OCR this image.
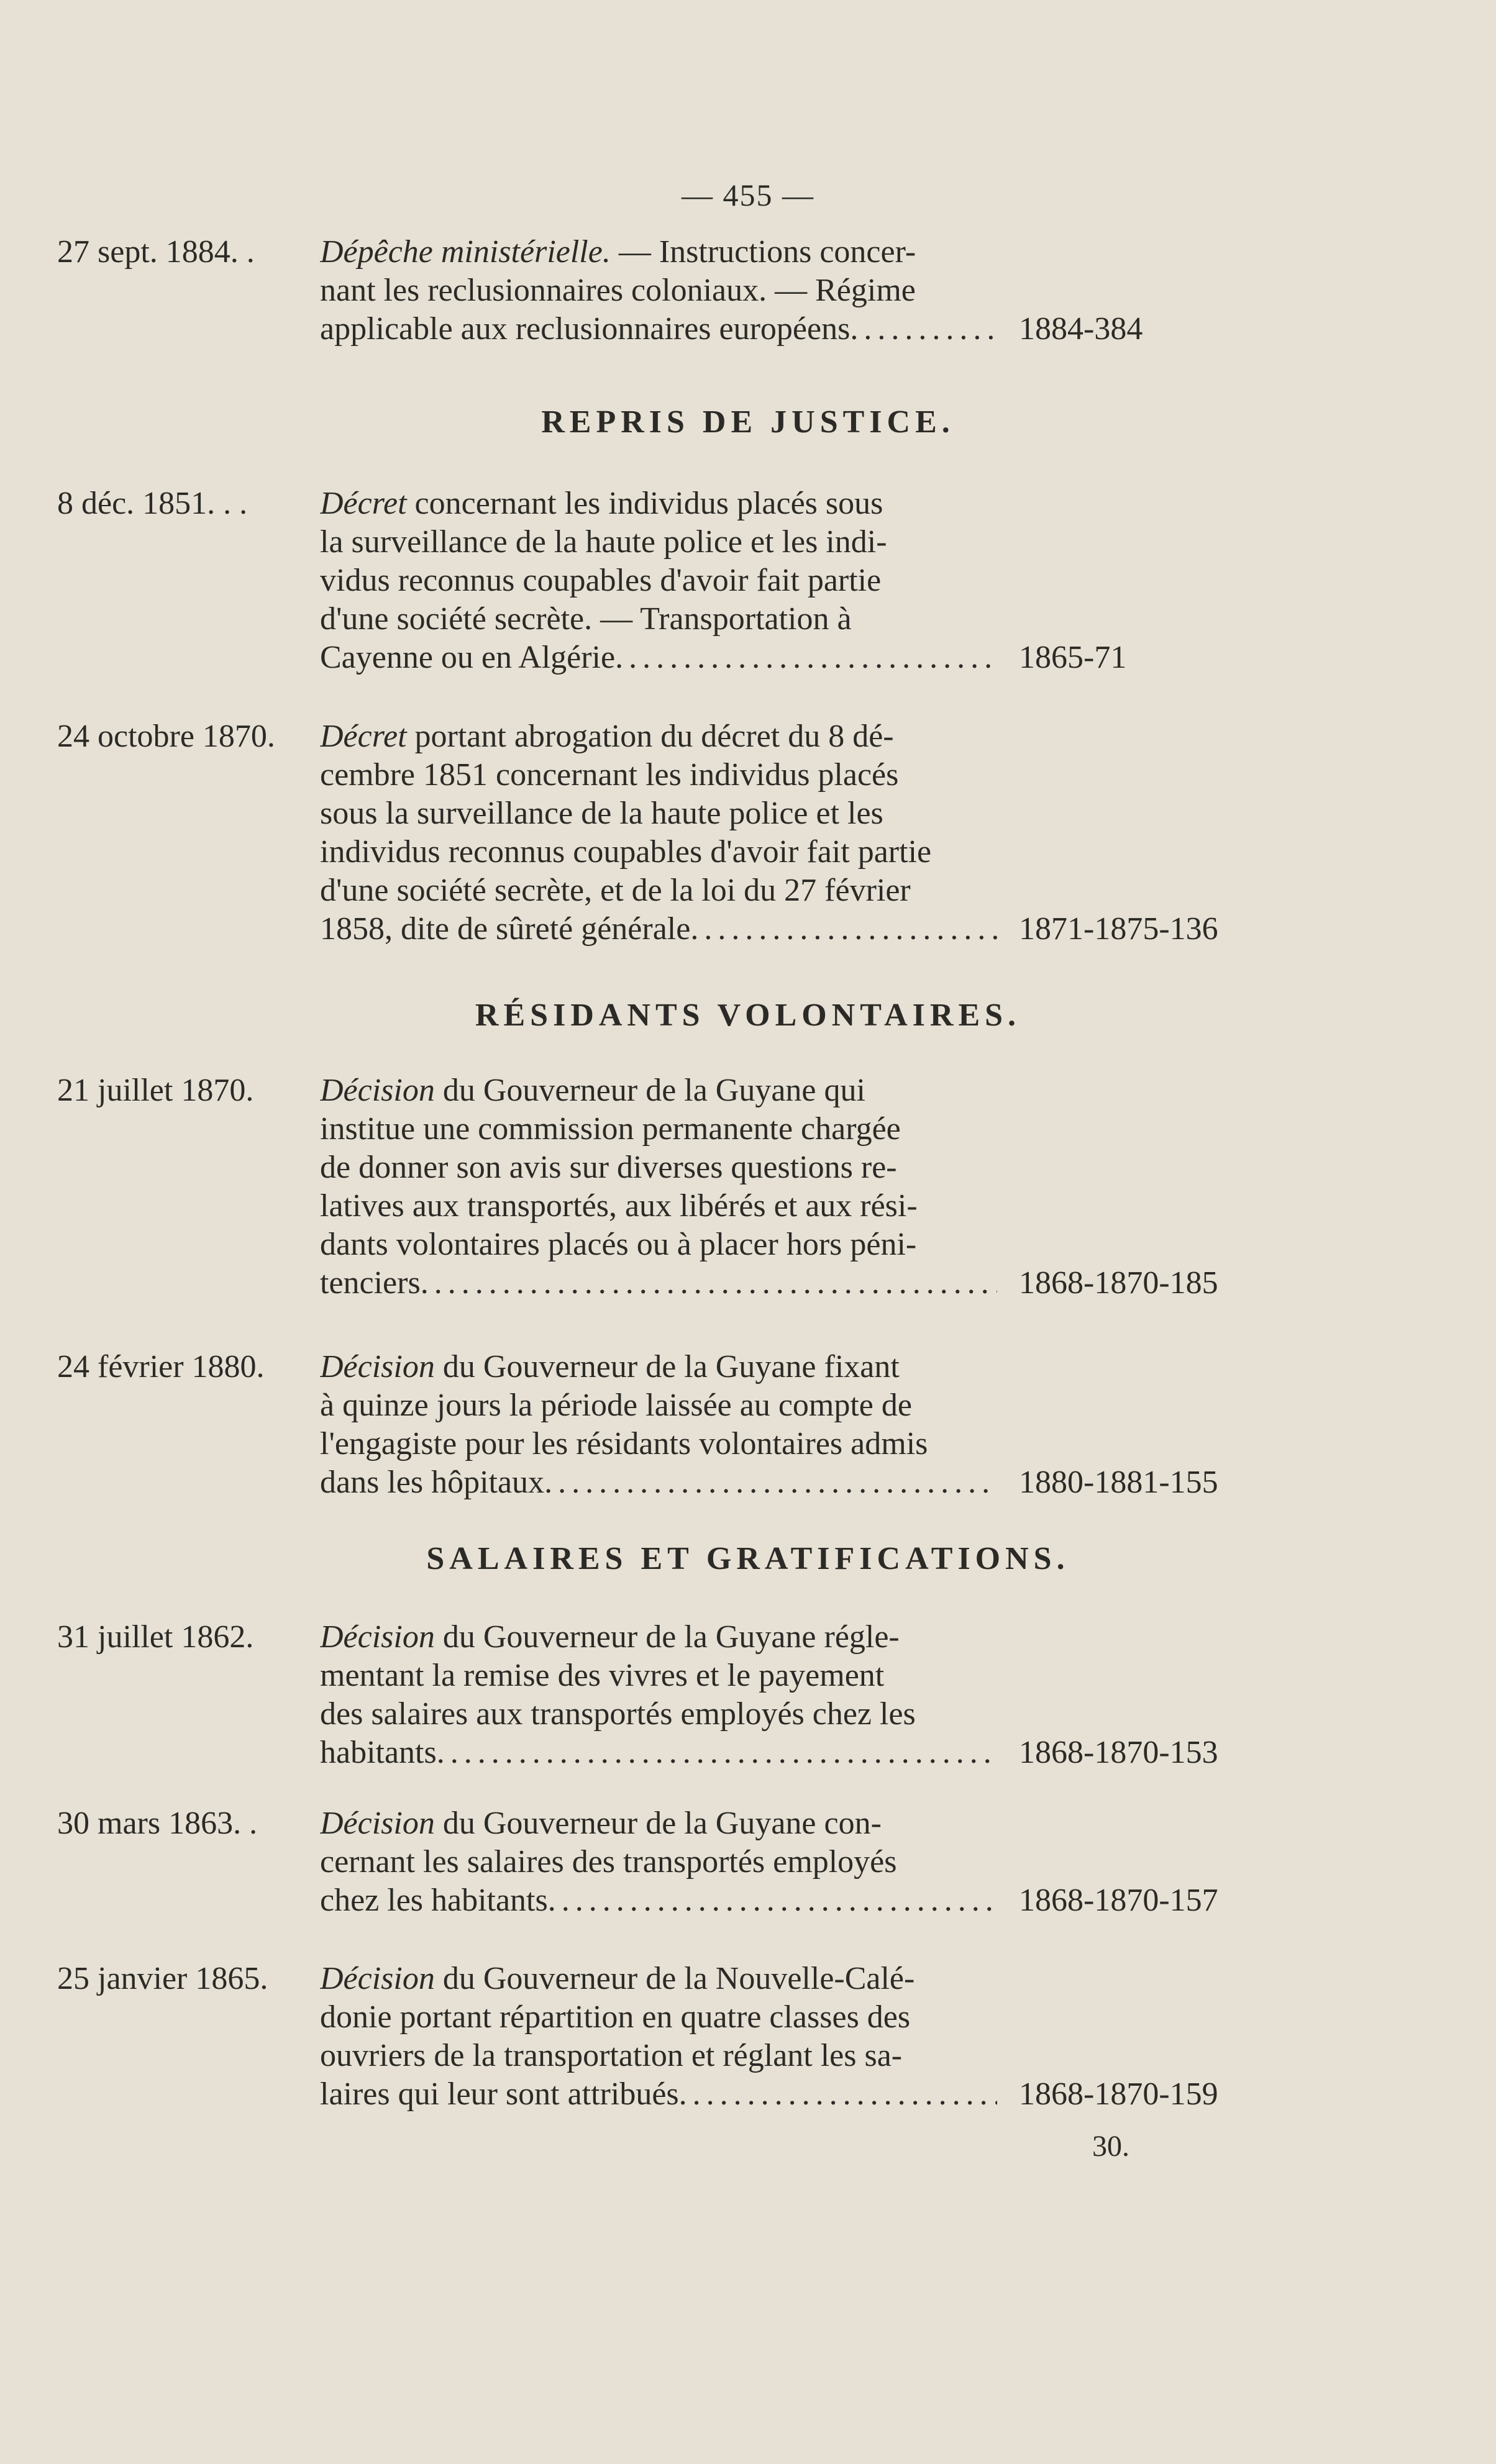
— 455 —
27 sept. 1884. . Dépêche ministérielle. — Instructions concer-
nant les reclusionnaires coloniaux. — Régime
applicable aux reclusionnaires européens .....	1884-384
REPRIS DE JUSTICE.
8 déc. 1851. . . Décret concernant les individus placés sous
la surveillance de la haute police et les indi-
vidus reconnus coupables d'avoir fait partie
d'une société secrète. — Transportation à
Cayenne ou en Algérie .....	1865-71
24 octobre 1870. Décret portant abrogation du décret du 8 dé-
cembre 1851 concernant les individus placés
sous la surveillance de la haute police et les
individus reconnus coupables d'avoir fait partie
d'une société secrète, et de la loi du 27 février
1858, dite de sûreté générale .....	1871-1875-136
RÉSIDANTS VOLONTAIRES.
21 juillet 1870. Décision du Gouverneur de la Guyane qui
institue une commission permanente chargée
de donner son avis sur diverses questions re-
latives aux transportés, aux libérés et aux rési-
dants volontaires placés ou à placer hors péni-
tenciers .....	1868-1870-185
24 février 1880. Décision du Gouverneur de la Guyane fixant
à quinze jours la période laissée au compte de
l'engagiste pour les résidants volontaires admis
dans les hôpitaux .....	1880-1881-155
SALAIRES ET GRATIFICATIONS.
31 juillet 1862. Décision du Gouverneur de la Guyane régle-
mentant la remise des vivres et le payement
des salaires aux transportés employés chez les
habitants .....	1868-1870-153
30 mars 1863. . Décision du Gouverneur de la Guyane con-
cernant les salaires des transportés employés
chez les habitants .....	1868-1870-157
25 janvier 1865. Décision du Gouverneur de la Nouvelle-Calé-
donie portant répartition en quatre classes des
ouvriers de la transportation et réglant les sa-
laires qui leur sont attribués .....	1868-1870-159
30.
